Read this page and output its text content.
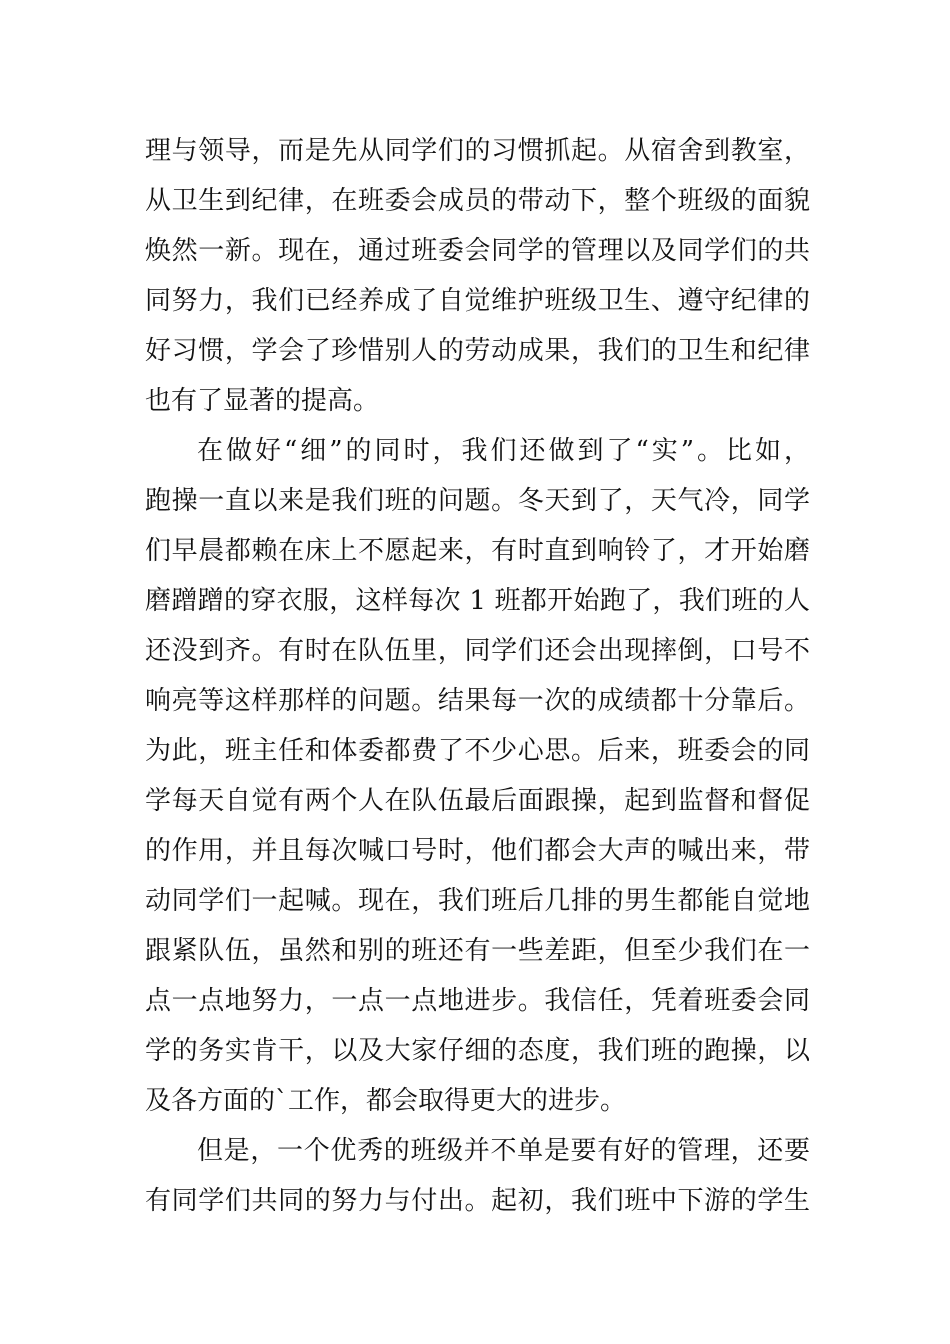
理与领导，而是先从同学们的习惯抓起。从宿舍到教室，
从卫生到纪律，在班委会成员的带动下，整个班级的面貌
焕然一新。现在，通过班委会同学的管理以及同学们的共
同努力，我们已经养成了自觉维护班级卫生、遵守纪律的
好习惯，学会了珍惜别人的劳动成果，我们的卫生和纪律
也有了显著的提高。
在做好“细”的同时，我们还做到了“实”。比如，
跑操一直以来是我们班的问题。冬天到了，天气冷，同学
们早晨都赖在床上不愿起来，有时直到响铃了，才开始磨
磨蹭蹭的穿衣服，这样每次 1 班都开始跑了，我们班的人
还没到齐。有时在队伍里，同学们还会出现摔倒，口号不
响亮等这样那样的问题。结果每一次的成绩都十分靠后。
为此，班主任和体委都费了不少心思。后来，班委会的同
学每天自觉有两个人在队伍最后面跟操，起到监督和督促
的作用，并且每次喊口号时，他们都会大声的喊出来，带
动同学们一起喊。现在，我们班后几排的男生都能自觉地
跟紧队伍，虽然和别的班还有一些差距，但至少我们在一
点一点地努力，一点一点地进步。我信任，凭着班委会同
学的务实肯干，以及大家仔细的态度，我们班的跑操，以
及各方面的`工作，都会取得更大的进步。
但是，一个优秀的班级并不单是要有好的管理，还要
有同学们共同的努力与付出。起初，我们班中下游的学生
